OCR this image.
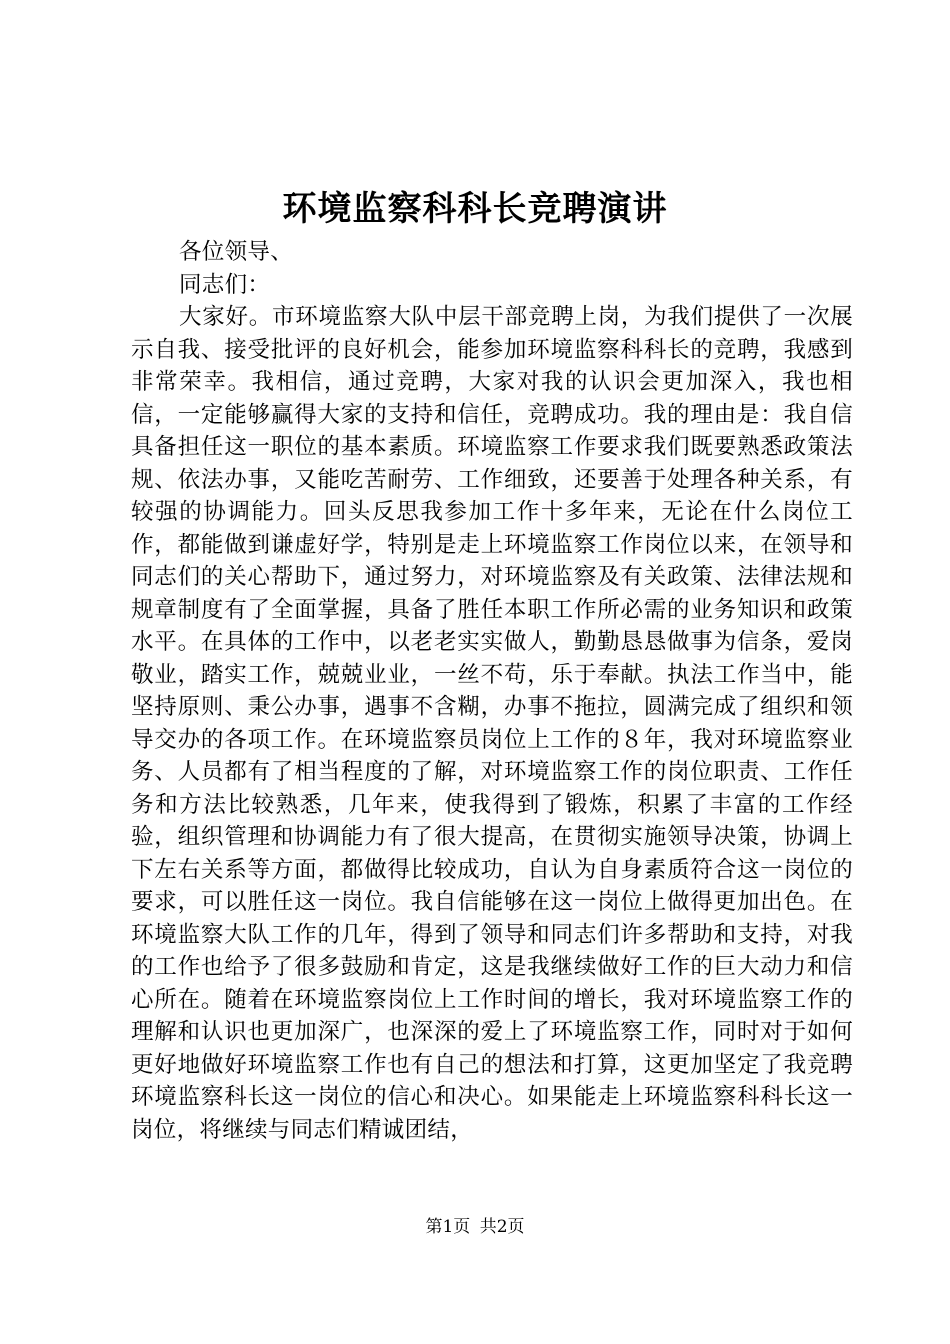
环境监察科科长竞聘演讲

各位领导、

同志们：

大家好。市环境监察大队中层干部竞聘上岗，为我们提供了一次展示自我、接受批评的良好机会，能参加环境监察科科长的竞聘，我感到非常荣幸。我相信，通过竞聘，大家对我的认识会更加深入，我也相信，一定能够赢得大家的支持和信任，竞聘成功。我的理由是：我自信具备担任这一职位的基本素质。环境监察工作要求我们既要熟悉政策法规、依法办事，又能吃苦耐劳、工作细致，还要善于处理各种关系，有较强的协调能力。回头反思我参加工作十多年来，无论在什么岗位工作，都能做到谦虚好学，特别是走上环境监察工作岗位以来，在领导和同志们的关心帮助下，通过努力，对环境监察及有关政策、法律法规和规章制度有了全面掌握，具备了胜任本职工作所必需的业务知识和政策水平。在具体的工作中，以老老实实做人，勤勤恳恳做事为信条，爱岗敬业，踏实工作，兢兢业业，一丝不苟，乐于奉献。执法工作当中，能坚持原则、秉公办事，遇事不含糊，办事不拖拉，圆满完成了组织和领导交办的各项工作。在环境监察员岗位上工作的８年，我对环境监察业务、人员都有了相当程度的了解，对环境监察工作的岗位职责、工作任务和方法比较熟悉，几年来，使我得到了锻炼，积累了丰富的工作经验，组织管理和协调能力有了很大提高，在贯彻实施领导决策，协调上下左右关系等方面，都做得比较成功，自认为自身素质符合这一岗位的要求，可以胜任这一岗位。我自信能够在这一岗位上做得更加出色。在环境监察大队工作的几年，得到了领导和同志们许多帮助和支持，对我的工作也给予了很多鼓励和肯定，这是我继续做好工作的巨大动力和信心所在。随着在环境监察岗位上工作时间的增长，我对环境监察工作的理解和认识也更加深广，也深深的爱上了环境监察工作，同时对于如何更好地做好环境监察工作也有自己的想法和打算，这更加坚定了我竞聘环境监察科长这一岗位的信心和决心。如果能走上环境监察科科长这一岗位，将继续与同志们精诚团结，

第1页 共2页
